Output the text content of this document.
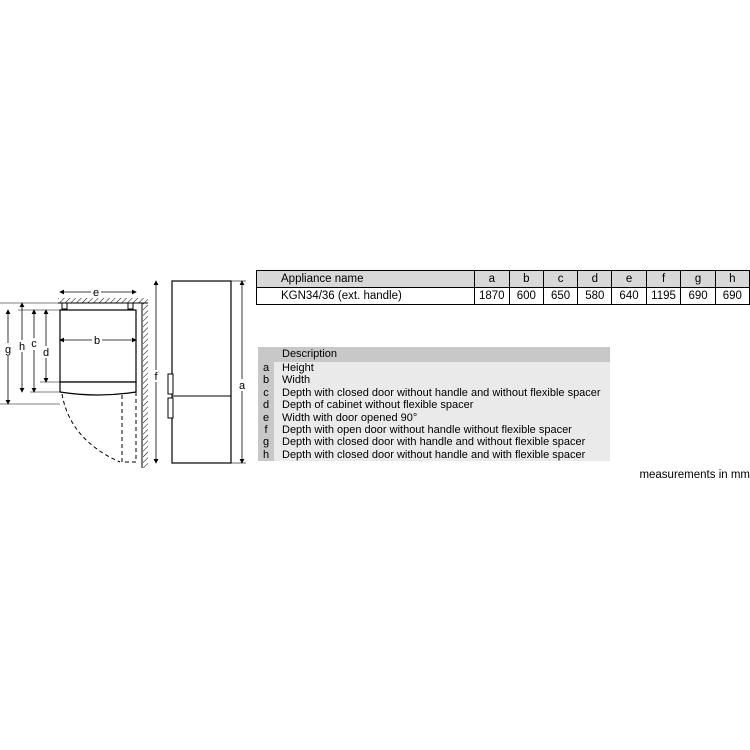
e
b
g h c
d
f
a
Appliance name	a	b	c	d	e	f	g	h
KGN34/36 (ext. handle)	1870	600	650	580	640	1195	690	690
Description
a	Height
b	Width
c	Depth with closed door without handle and without flexible spacer
d	Depth of cabinet without flexible spacer
e	Width with door opened 90°
f	Depth with open door without handle without flexible spacer
g	Depth with closed door with handle and without flexible spacer
h	Depth with closed door without handle and with flexible spacer
measurements in mm
